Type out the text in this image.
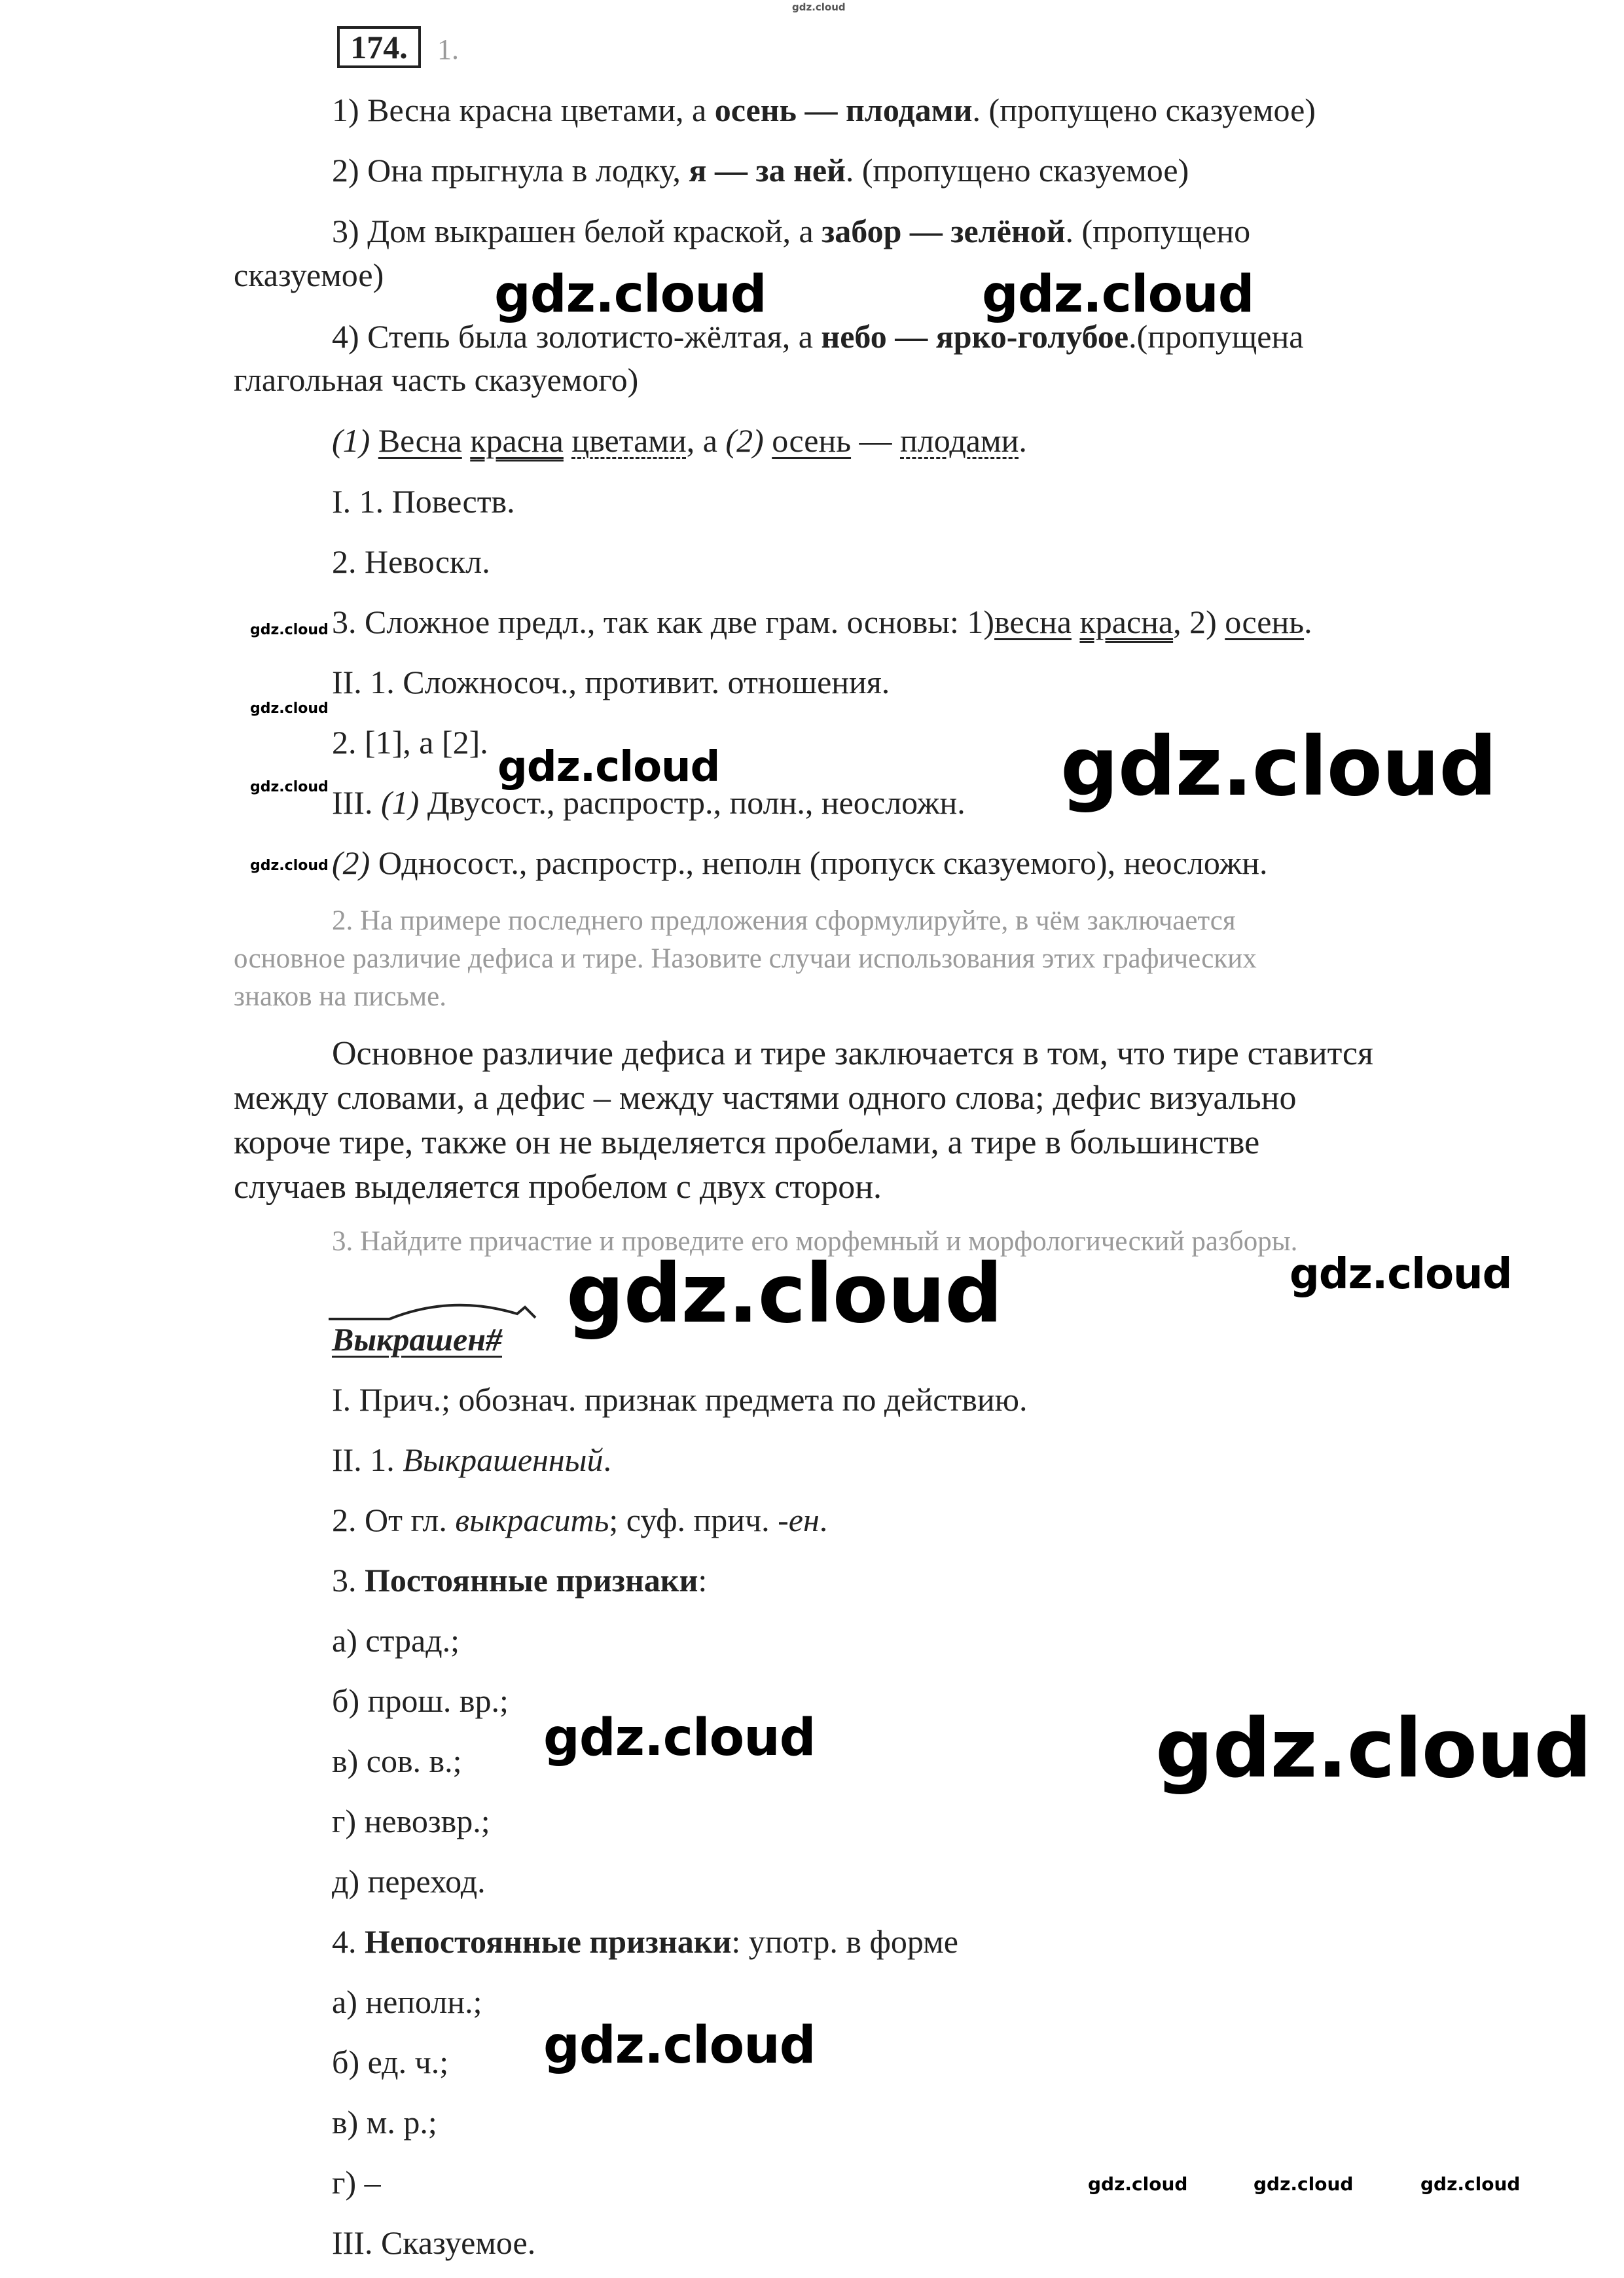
gdz.cloud
174.	1.
1) Весна красна цветами, а осень — плодами. (пропущено сказуемое)
2) Она прыгнула в лодку, я — за ней. (пропущено сказуемое)
3) Дом выкрашен белой краской, а забор — зелёной. (пропущено
сказуемое)
4) Степь была золотисто-жёлтая, а небо — ярко-голубое.(пропущена
глагольная часть сказуемого)
(1) Весна красна цветами, а (2) осень — плодами.
I. 1. Повеств.
2. Невоскл.
3. Сложное предл., так как две грам. основы: 1)весна красна, 2) осень.
II. 1. Сложносоч., противит. отношения.
2. [1], а [2].
III. (1) Двусост., распростр., полн., неосложн.
(2) Односост., распростр., неполн (пропуск сказуемого), неосложн.
2. На примере последнего предложения сформулируйте, в чём заключается
основное различие дефиса и тире. Назовите случаи использования этих графических
знаков на письме.
Основное различие дефиса и тире заключается в том, что тире ставится
между словами, а дефис – между частями одного слова; дефис визуально
короче тире, также он не выделяется пробелами, а тире в большинстве
случаев выделяется пробелом с двух сторон.
3. Найдите причастие и проведите его морфемный и морфологический разборы.
Выкрашен#
I. Прич.; обознач. признак предмета по действию.
II. 1. Выкрашенный.
2. От гл. выкрасить; суф. прич. -ен.
3. Постоянные признаки:
а) страд.;
б) прош. вр.;
в) сов. в.;
г) невозвр.;
д) переход.
4. Непостоянные признаки: употр. в форме
а) неполн.;
б) ед. ч.;
в) м. р.;
г) –
III. Сказуемое.
gdz.cloud	gdz.cloud
gdz.cloud	gdz.cloud
gdz.cloud	gdz.cloud
gdz.cloud	gdz.cloud
gdz.cloud
gdz.cloud
gdz.cloud
gdz.cloud
gdz.cloud
gdz.cloud	gdz.cloud	gdz.cloud
